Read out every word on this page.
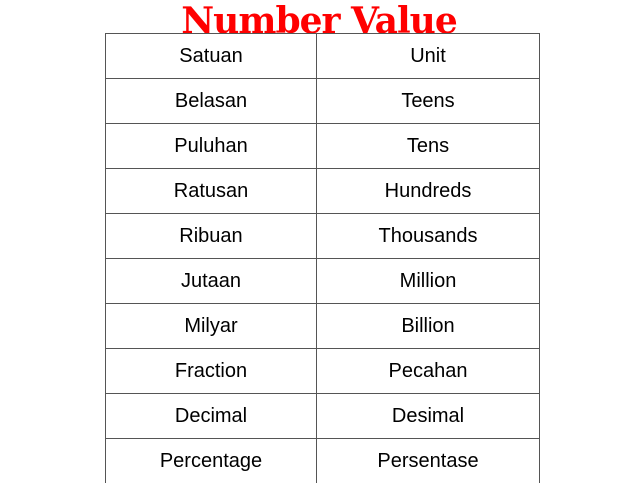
Number Value
Satuan	Unit
Belasan	Teens
Puluhan	Tens
Ratusan	Hundreds
Ribuan	Thousands
Jutaan	Million
Milyar	Billion
Fraction	Pecahan
Decimal	Desimal
Percentage	Persentase
